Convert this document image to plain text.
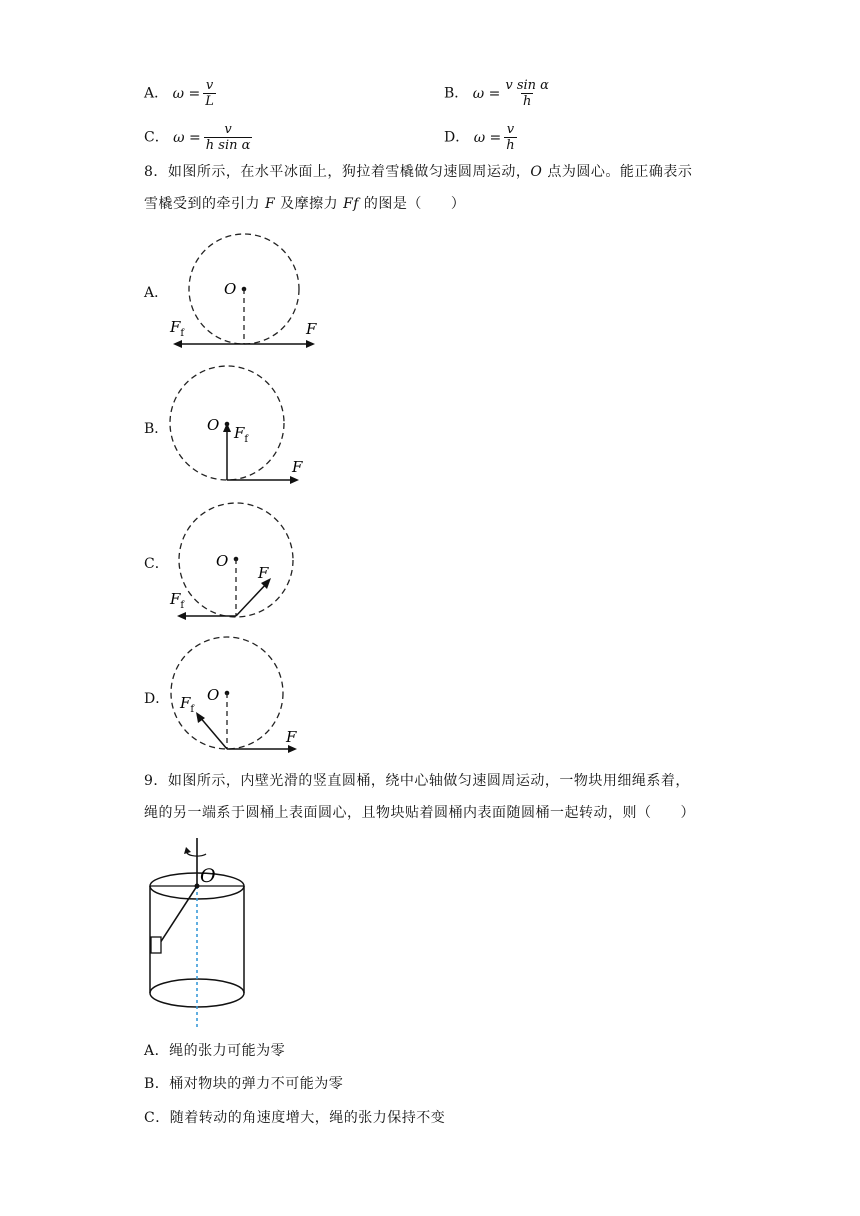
A． $\omega = \frac{v}{L}$	B． $\omega = \frac{\text{v sin α}}{h}$
C． $\omega = \frac{v}{\text{h sin α}}$	D． $\omega = \frac{v}{h}$
8．如图所示，在水平冰面上，狗拉着雪橇做匀速圆周运动，O 点为圆心。能正确表示
雪橇受到的牵引力 F 及摩擦力 Ff 的图是（　　）
A．	O
F
$F_f$
B．	O $F_f$
F
C．	O
F
$F_f$
D．	O
F
$F_f$
9．如图所示，内壁光滑的竖直圆桶，绕中心轴做匀速圆周运动，一物块用细绳系着，
绳的另一端系于圆桶上表面圆心，且物块贴着圆桶内表面随圆桶一起转动，则（　　）
O
A．绳的张力可能为零
B．桶对物块的弹力不可能为零
C．随着转动的角速度增大，绳的张力保持不变
